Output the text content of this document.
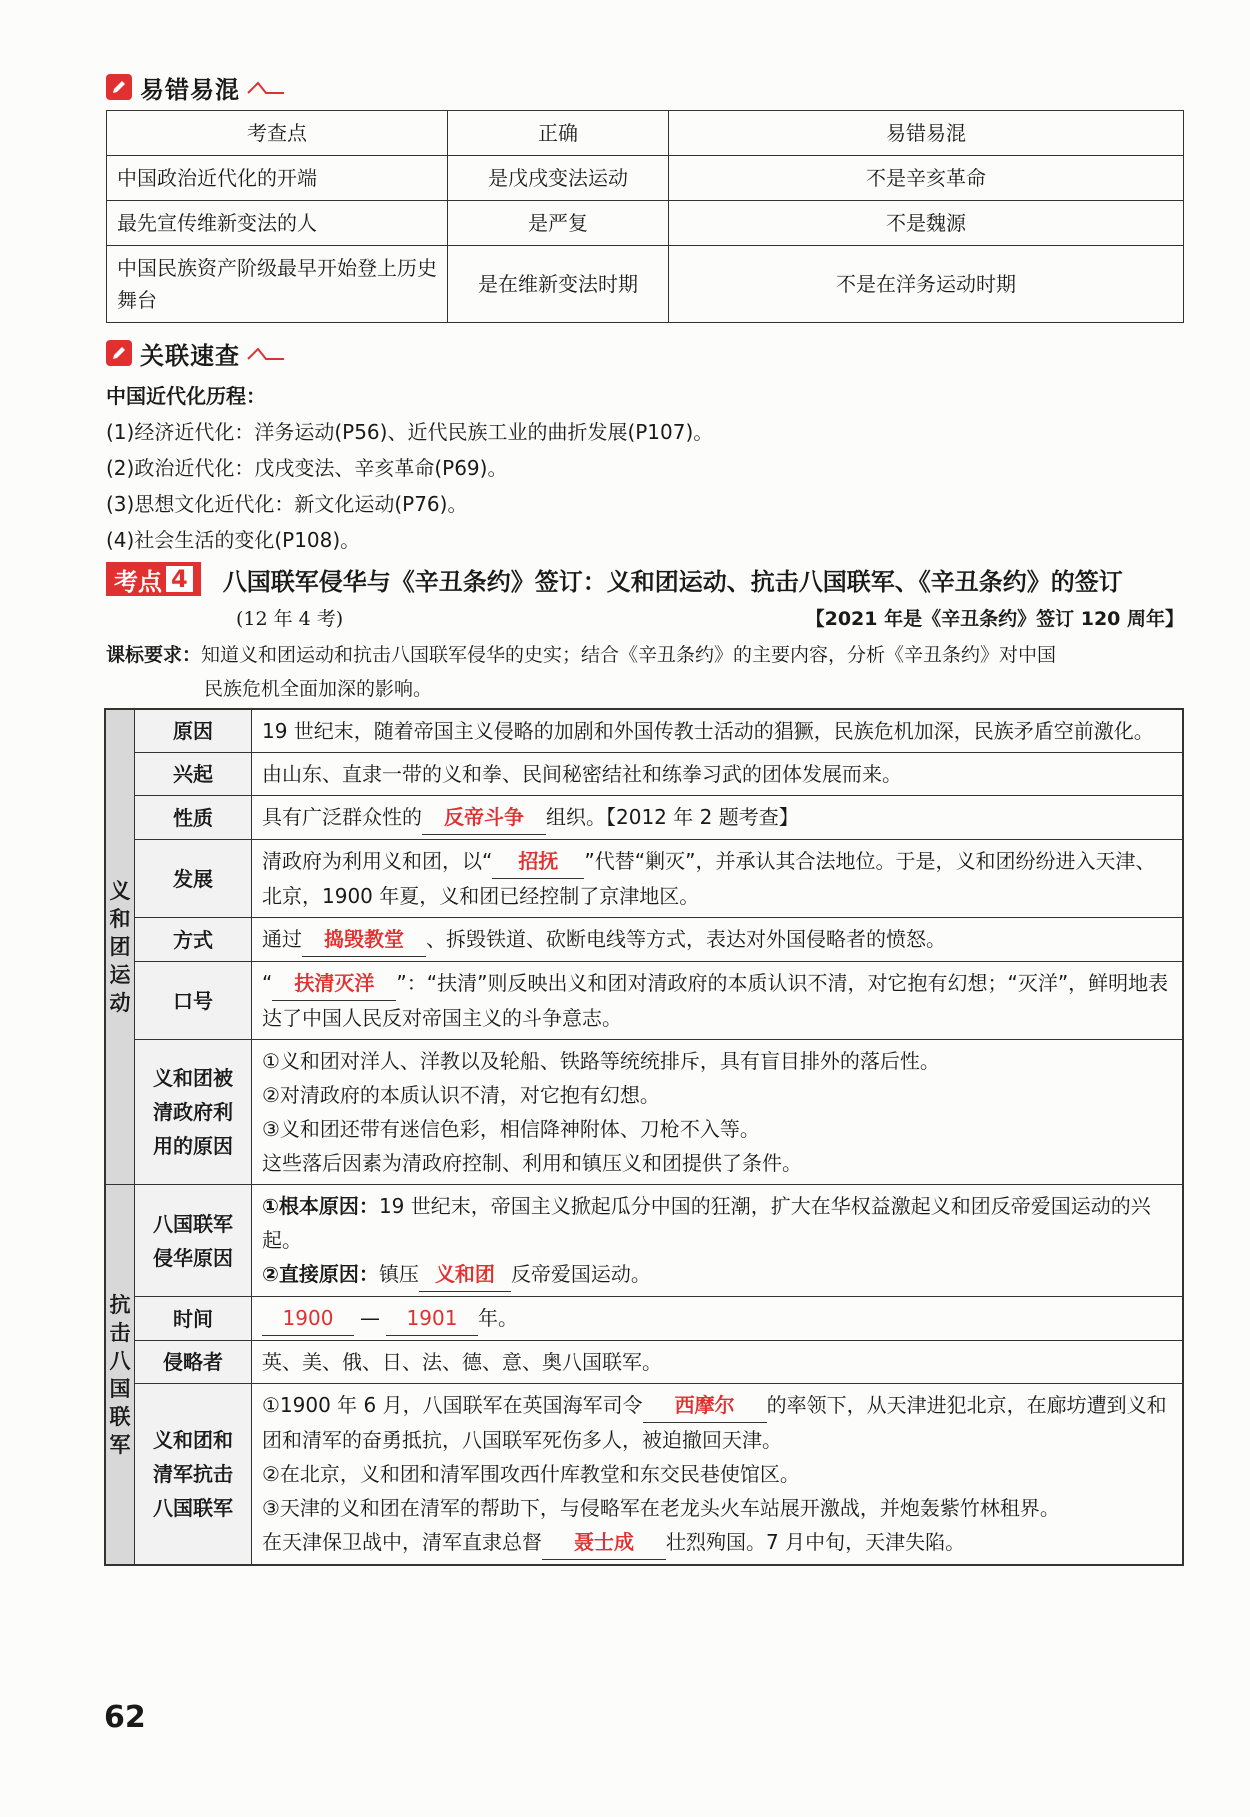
易错易混
考查点	正确	易错易混
中国政治近代化的开端	是戊戌变法运动	不是辛亥革命
最先宣传维新变法的人	是严复	不是魏源
中国民族资产阶级最早开始登上历史舞台	是在维新变法时期	不是在洋务运动时期
关联速查
中国近代化历程：
(1)经济近代化：洋务运动(P56)、近代民族工业的曲折发展(P107)。
(2)政治近代化：戊戌变法、辛亥革命(P69)。
(3)思想文化近代化：新文化运动(P76)。
(4)社会生活的变化(P108)。
考点 4 八国联军侵华与《辛丑条约》签订：义和团运动、抗击八国联军、《辛丑条约》的签订
(12 年 4 考)	【2021 年是《辛丑条约》签订 120 周年】
课标要求：知道义和团运动和抗击八国联军侵华的史实；结合《辛丑条约》的主要内容，分析《辛丑条约》对中国
民族危机全面加深的影响。
义和团运动	原因	19 世纪末，随着帝国主义侵略的加剧和外国传教士活动的猖獗，民族危机加深，民族矛盾空前激化。
	兴起	由山东、直隶一带的义和拳、民间秘密结社和练拳习武的团体发展而来。
	性质	具有广泛群众性的 反帝斗争 组织。【2012 年 2 题考查】
	发展	清政府为利用义和团，以“ 招抚 ”代替“剿灭”，并承认其合法地位。于是，义和团纷纷进入天津、北京，1900 年夏，义和团已经控制了京津地区。
	方式	通过 捣毁教堂 、拆毁铁道、砍断电线等方式，表达对外国侵略者的愤怒。
	口号	“ 扶清灭洋 ”：“扶清”则反映出义和团对清政府的本质认识不清，对它抱有幻想；“灭洋”，鲜明地表达了中国人民反对帝国主义的斗争意志。
	义和团被清政府利用的原因	①义和团对洋人、洋教以及轮船、铁路等统统排斥，具有盲目排外的落后性。
②对清政府的本质认识不清，对它抱有幻想。
③义和团还带有迷信色彩，相信降神附体、刀枪不入等。
这些落后因素为清政府控制、利用和镇压义和团提供了条件。

抗击八国联军	八国联军侵华原因	①根本原因：19 世纪末，帝国主义掀起瓜分中国的狂潮，扩大在华权益激起义和团反帝爱国运动的兴起。
②直接原因：镇压 义和团 反帝爱国运动。

	时间	1900 — 1901 年。
	侵略者	英、美、俄、日、法、德、意、奥八国联军。
	义和团和清军抗击八国联军	①1900 年 6 月，八国联军在英国海军司令 西摩尔 的率领下，从天津进犯北京，在廊坊遭到义和团和清军的奋勇抵抗，八国联军死伤多人，被迫撤回天津。
②在北京，义和团和清军围攻西什库教堂和东交民巷使馆区。
③天津的义和团在清军的帮助下，与侵略军在老龙头火车站展开激战，并炮轰紫竹林租界。
在天津保卫战中，清军直隶总督 聂士成 壮烈殉国。7 月中旬，天津失陷。
62
